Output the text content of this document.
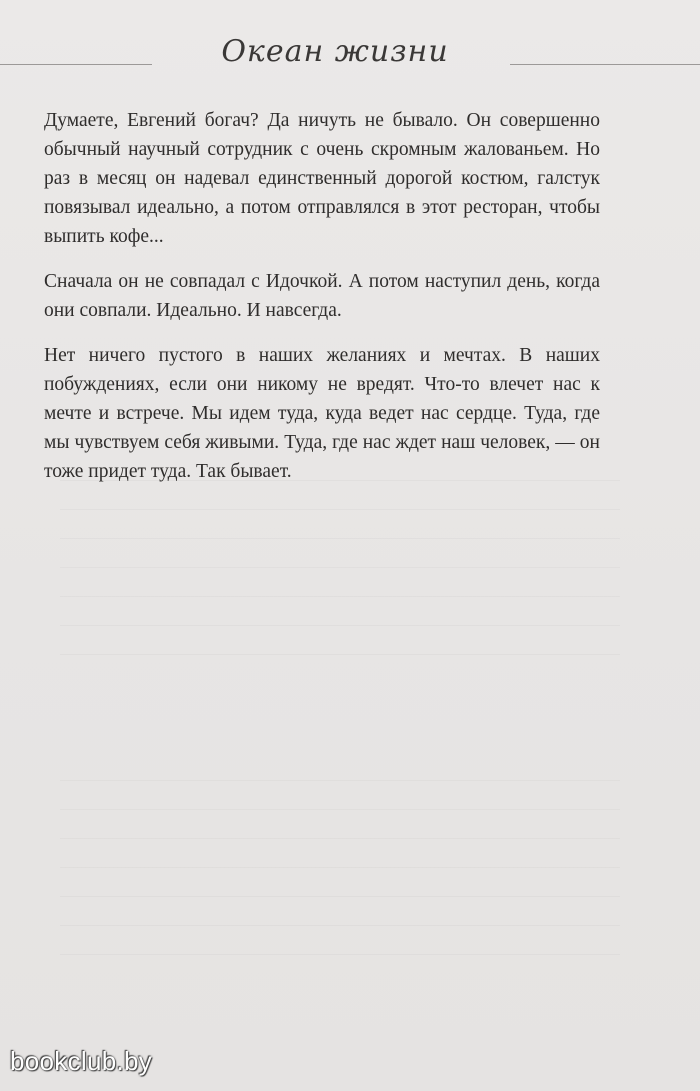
Океан жизни

Думаете, Евгений богач? Да ничуть не бывало. Он совершенно обычный научный сотрудник с очень скромным жалованьем. Но раз в месяц он надевал единственный дорогой костюм, галстук повязывал идеально, а потом отправлялся в этот ресторан, чтобы выпить кофе...

Сначала он не совпадал с Идочкой. А потом наступил день, когда они совпали. Идеально. И навсегда.

Нет ничего пустого в наших желаниях и мечтах. В наших побуждениях, если они никому не вредят. Что-то влечет нас к мечте и встрече. Мы идем туда, куда ведет нас сердце. Туда, где мы чувствуем себя живыми. Туда, где нас ждет наш человек, — он тоже придет туда. Так бывает.

bookclub.by
